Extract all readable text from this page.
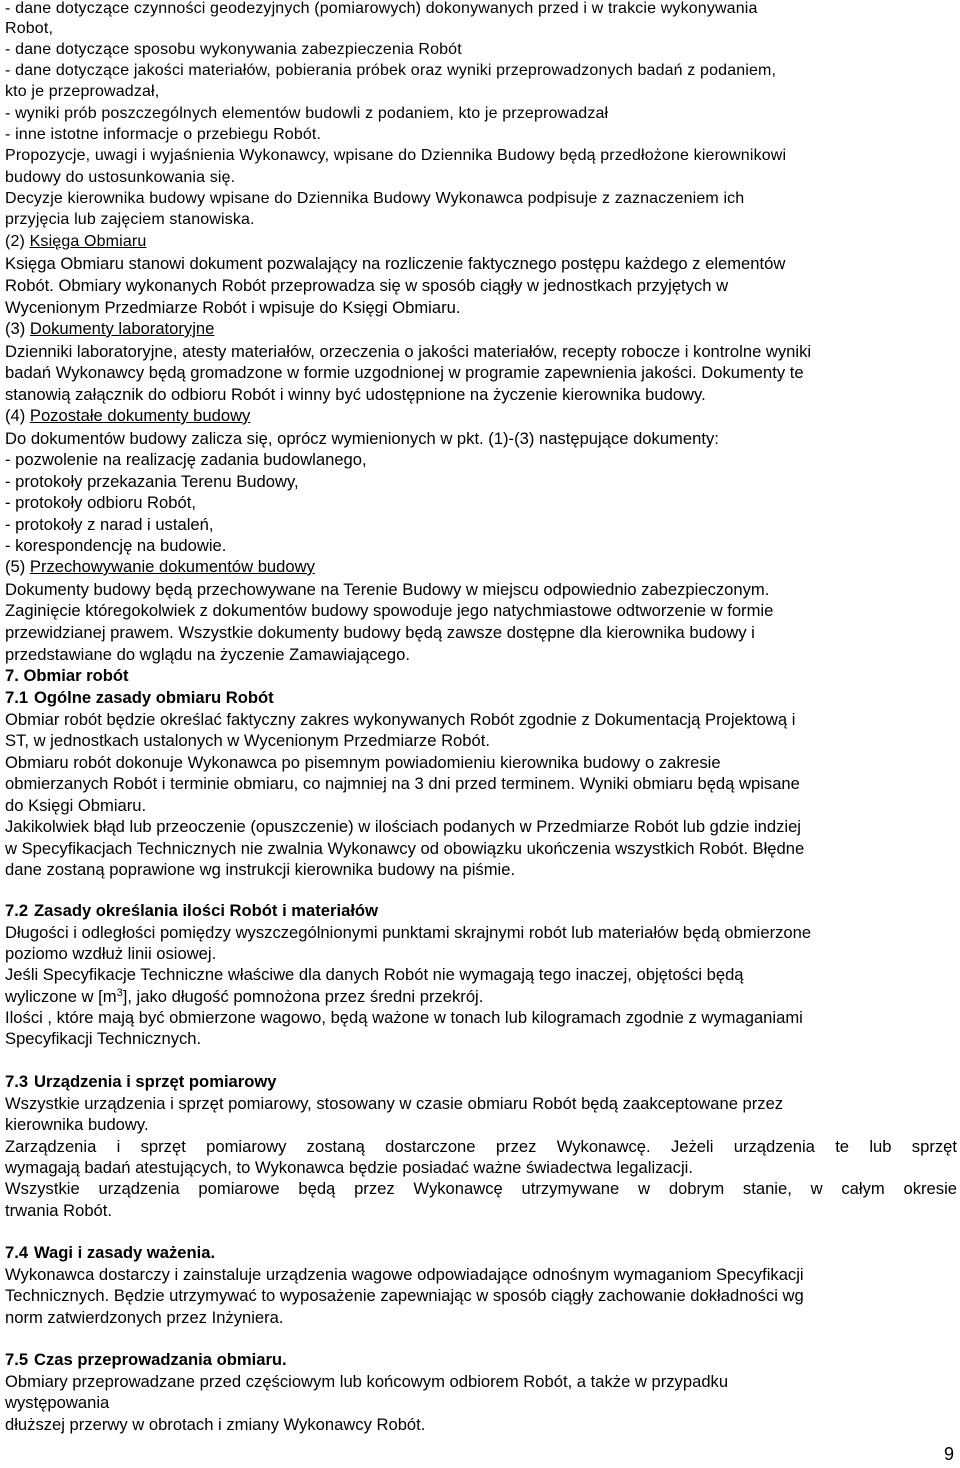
- dane dotyczące czynności geodezyjnych (pomiarowych) dokonywanych przed i w trakcie wykonywania

Robot,

- dane dotyczące sposobu wykonywania zabezpieczenia Robót

- dane dotyczące jakości materiałów, pobierania próbek oraz wyniki przeprowadzonych badań z podaniem,

kto je przeprowadzał,

- wyniki prób poszczególnych elementów budowli z podaniem, kto je przeprowadzał

- inne istotne informacje o przebiegu Robót.

Propozycje, uwagi i wyjaśnienia Wykonawcy, wpisane do Dziennika Budowy będą przedłożone kierownikowi

budowy do ustosunkowania się.

Decyzje kierownika budowy wpisane do Dziennika Budowy Wykonawca podpisuje z zaznaczeniem ich

przyjęcia lub zajęciem stanowiska.

(2) Księga Obmiaru

Księga Obmiaru stanowi dokument pozwalający na rozliczenie faktycznego postępu każdego z elementów

Robót. Obmiary wykonanych Robót przeprowadza się w sposób ciągły w jednostkach przyjętych w

Wycenionym Przedmiarze Robót i wpisuje do Księgi Obmiaru.

(3) Dokumenty laboratoryjne

Dzienniki laboratoryjne, atesty materiałów, orzeczenia o jakości materiałów, recepty robocze i kontrolne wyniki

badań Wykonawcy będą gromadzone w formie uzgodnionej w programie zapewnienia jakości. Dokumenty te

stanowią załącznik do odbioru Robót i winny być udostępnione na życzenie kierownika budowy.

(4) Pozostałe dokumenty budowy

Do dokumentów budowy zalicza się, oprócz wymienionych w pkt. (1)-(3) następujące dokumenty:

- pozwolenie na realizację zadania budowlanego,

- protokoły przekazania Terenu Budowy,

- protokoły odbioru Robót,

- protokoły z narad i ustaleń,

- korespondencję na budowie.

(5) Przechowywanie dokumentów budowy

Dokumenty budowy będą przechowywane na Terenie Budowy w miejscu odpowiednio zabezpieczonym.

Zaginięcie któregokolwiek z dokumentów budowy spowoduje jego natychmiastowe odtworzenie w formie

przewidzianej prawem. Wszystkie dokumenty budowy będą zawsze dostępne dla kierownika budowy i

przedstawiane do wglądu na życzenie Zamawiającego.

7. Obmiar robót

7.1 Ogólne zasady obmiaru Robót

Obmiar robót będzie określać faktyczny zakres wykonywanych Robót zgodnie z Dokumentacją Projektową i

ST, w jednostkach ustalonych w Wycenionym Przedmiarze Robót.

Obmiaru robót dokonuje Wykonawca po pisemnym powiadomieniu kierownika budowy o zakresie

obmierzanych Robót i terminie obmiaru, co najmniej na 3 dni przed terminem. Wyniki obmiaru będą wpisane

do Księgi Obmiaru.

Jakikolwiek błąd lub przeoczenie (opuszczenie) w ilościach podanych w Przedmiarze Robót lub gdzie indziej

w Specyfikacjach Technicznych nie zwalnia Wykonawcy od obowiązku ukończenia wszystkich Robót. Błędne

dane zostaną poprawione wg instrukcji kierownika budowy na piśmie.

7.2 Zasady określania ilości Robót i materiałów

Długości i odległości pomiędzy wyszczególnionymi punktami skrajnymi robót lub materiałów będą obmierzone

poziomo wzdłuż linii osiowej.

Jeśli Specyfikacje Techniczne właściwe dla danych Robót nie wymagają tego inaczej, objętości będą

wyliczone w $[m^3]$, jako długość pomnożona przez średni przekrój.

Ilości , które mają być obmierzone wagowo, będą ważone w tonach lub kilogramach zgodnie z wymaganiami

Specyfikacji Technicznych.

7.3 Urządzenia i sprzęt pomiarowy

Wszystkie urządzenia i sprzęt pomiarowy, stosowany w czasie obmiaru Robót będą zaakceptowane przez

kierownika budowy.

Zarządzenia i sprzęt pomiarowy zostaną dostarczone przez Wykonawcę. Jeżeli urządzenia te lub sprzęt

wymagają badań atestujących, to Wykonawca będzie posiadać ważne świadectwa legalizacji.

Wszystkie urządzenia pomiarowe będą przez Wykonawcę utrzymywane w dobrym stanie, w całym okresie

trwania Robót.

7.4 Wagi i zasady ważenia.

Wykonawca dostarczy i zainstaluje urządzenia wagowe odpowiadające odnośnym wymaganiom Specyfikacji

Technicznych. Będzie utrzymywać to wyposażenie zapewniając w sposób ciągły zachowanie dokładności wg

norm zatwierdzonych przez Inżyniera.

7.5 Czas przeprowadzania obmiaru.

Obmiary przeprowadzane przed częściowym lub końcowym odbiorem Robót, a także w przypadku

występowania

dłuższej przerwy w obrotach i zmiany Wykonawcy Robót.

9
